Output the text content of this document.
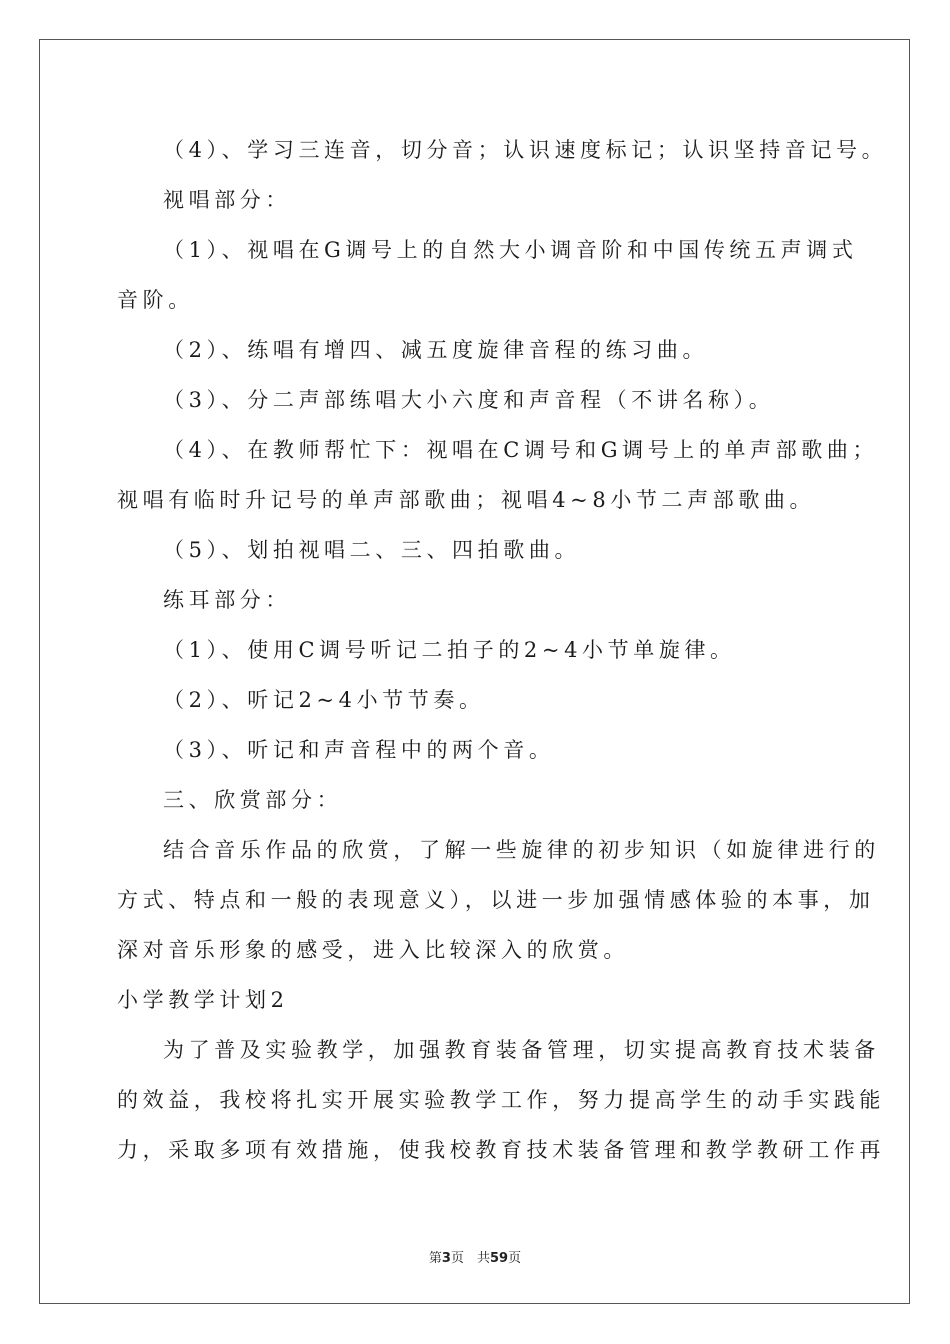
（4）、学习三连音，切分音；认识速度标记；认识坚持音记号。
视唱部分：
（1）、视唱在G调号上的自然大小调音阶和中国传统五声调式
音阶。
（2）、练唱有增四、减五度旋律音程的练习曲。
（3）、分二声部练唱大小六度和声音程（不讲名称）。
（4）、在教师帮忙下：视唱在C调号和G调号上的单声部歌曲；
视唱有临时升记号的单声部歌曲；视唱4~8小节二声部歌曲。
（5）、划拍视唱二、三、四拍歌曲。
练耳部分：
（1）、使用C调号听记二拍子的2~4小节单旋律。
（2）、听记2~4小节节奏。
（3）、听记和声音程中的两个音。
三、欣赏部分：
结合音乐作品的欣赏，了解一些旋律的初步知识（如旋律进行的
方式、特点和一般的表现意义），以进一步加强情感体验的本事，加
深对音乐形象的感受，进入比较深入的欣赏。
小学教学计划2
为了普及实验教学，加强教育装备管理，切实提高教育技术装备
的效益，我校将扎实开展实验教学工作，努力提高学生的动手实践能
力，采取多项有效措施，使我校教育技术装备管理和教学教研工作再
第3页　共59页
